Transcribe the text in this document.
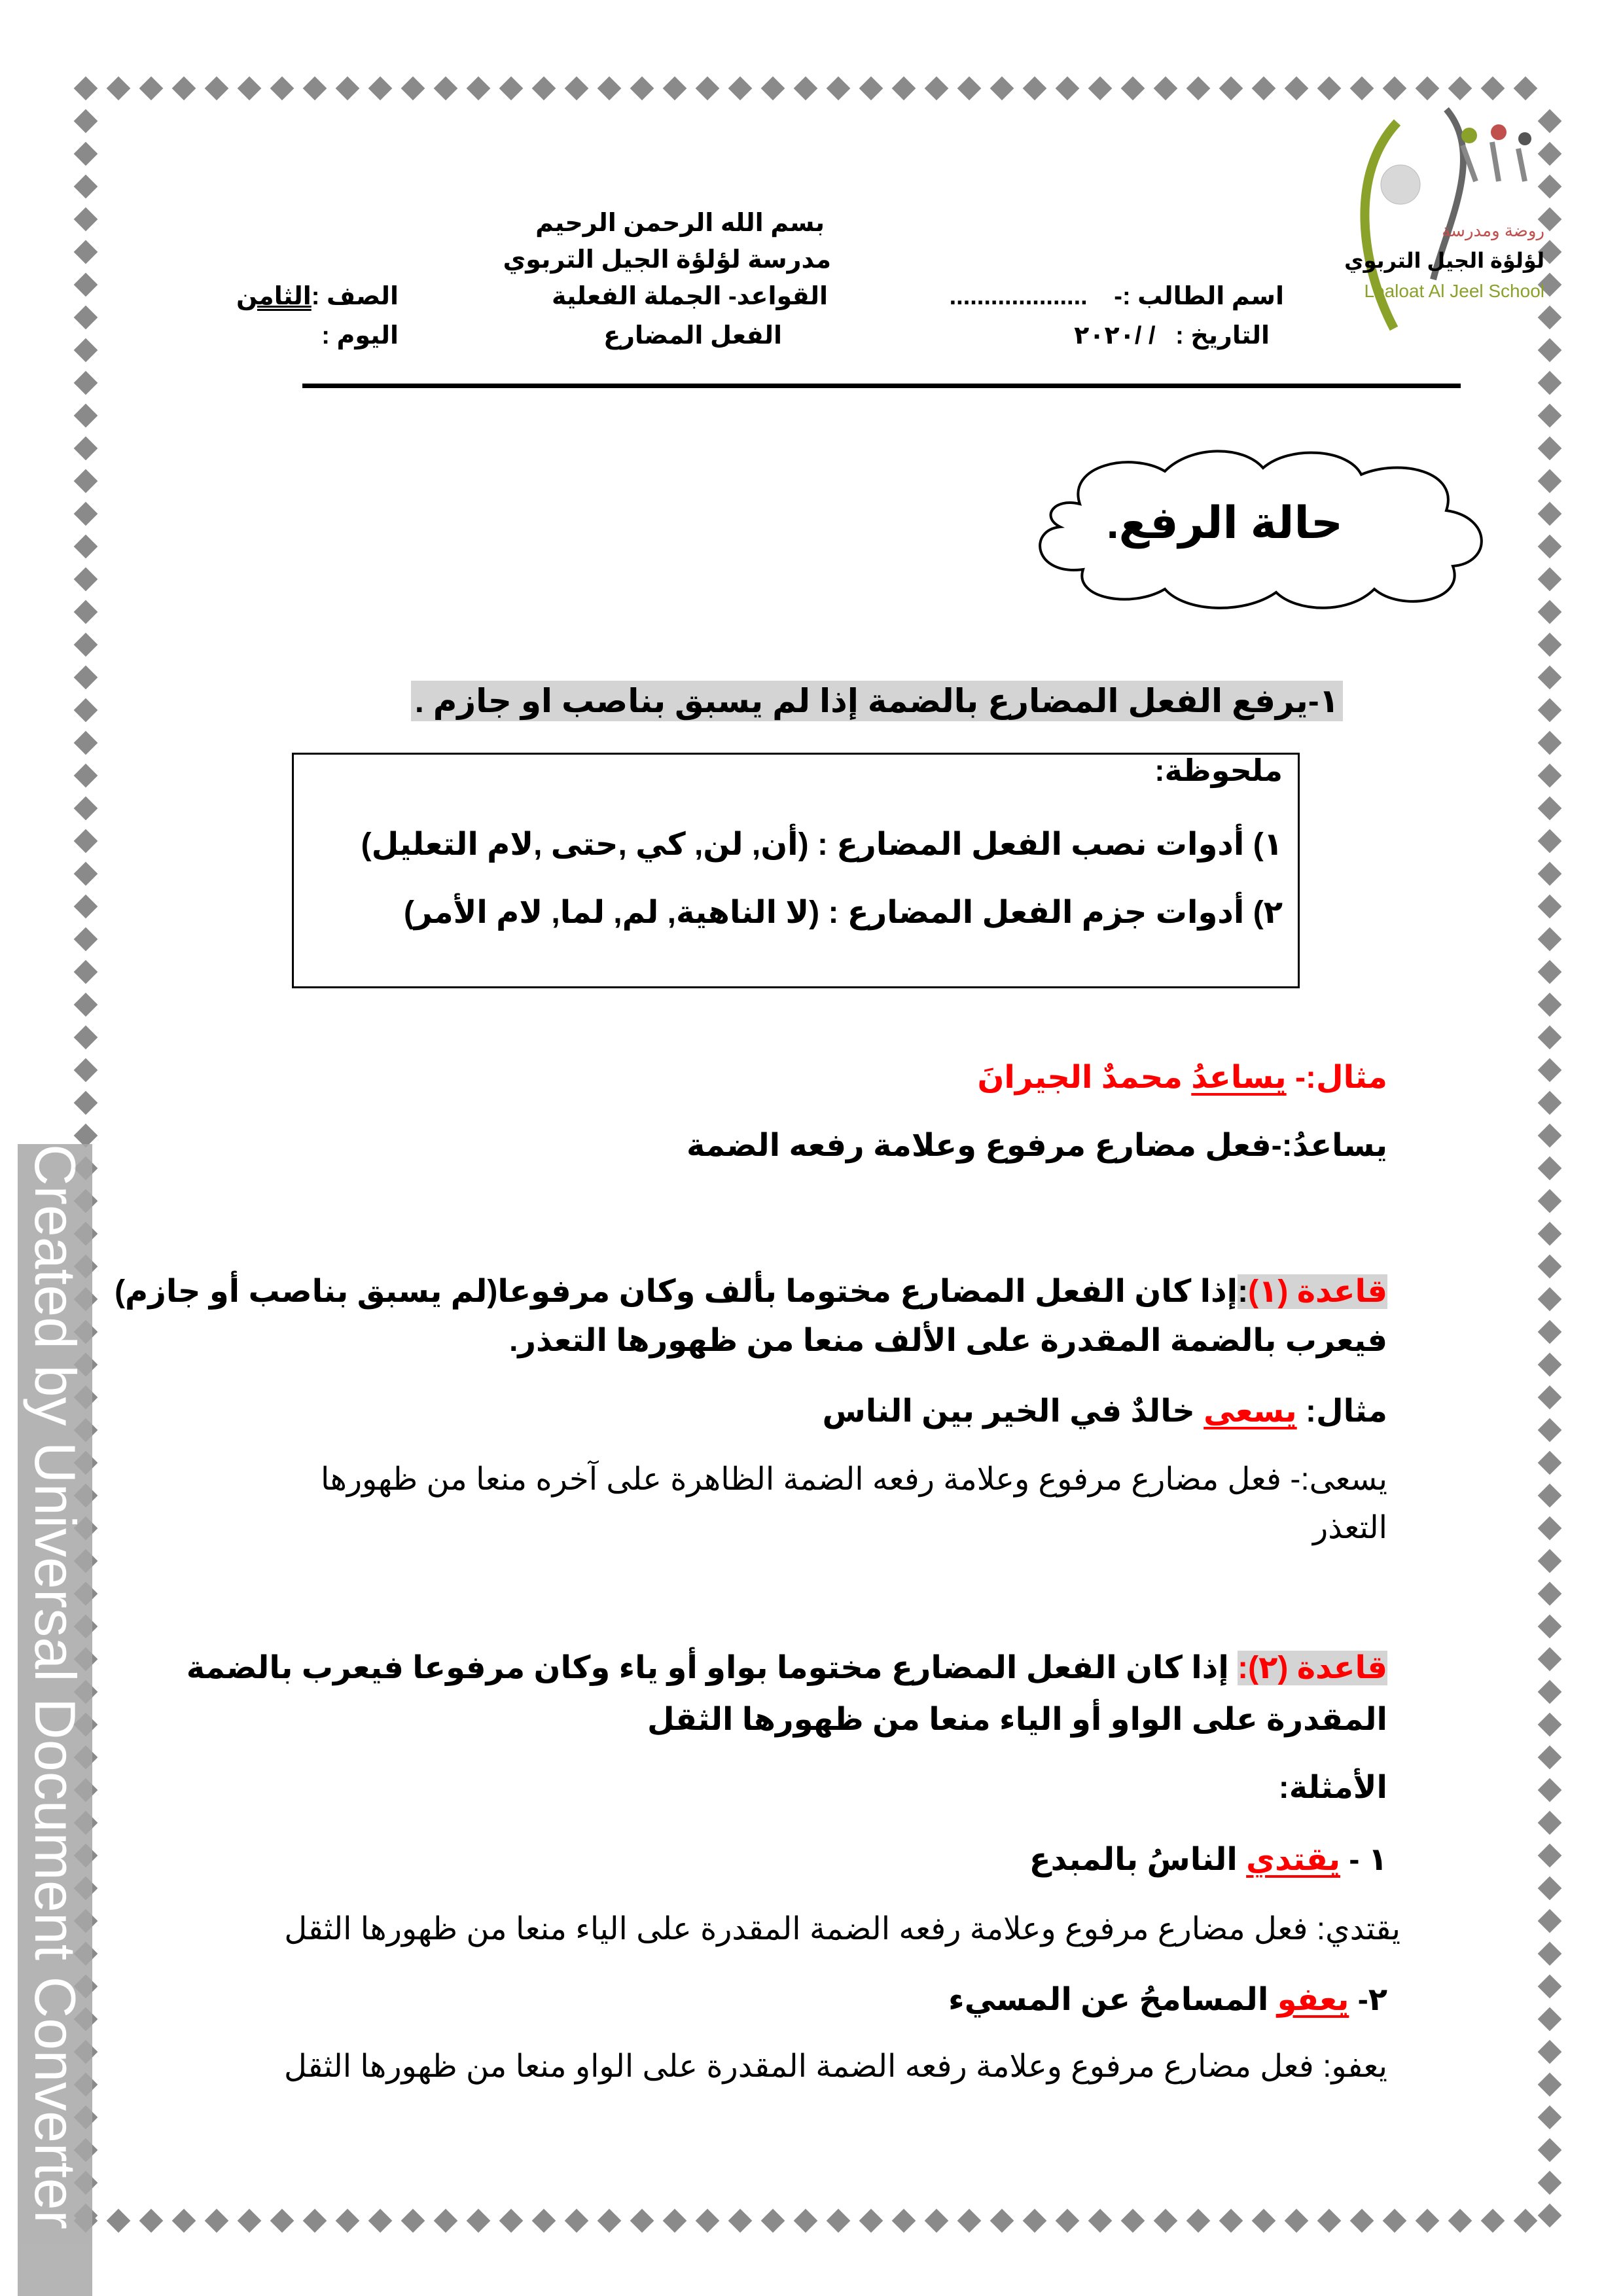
روضة ومدرسة
لؤلؤة الجيل التربوي
Loaloat Al Jeel School
بسم الله الرحمن الرحيم
مدرسة لؤلؤة الجيل التربوي
القواعد- الجملة الفعلية
الفعل المضارع
اسم الطالب :- ....................
التاريخ : / /٢٠٢٠
الصف :الثامن
اليوم :
حالة الرفع.
١-يرفع الفعل المضارع بالضمة إذا لم يسبق بناصب او جازم .
ملحوظة:
١) أدوات نصب الفعل المضارع : (أن, لن, كي ,حتى ,لام التعليل)
٢) أدوات جزم الفعل المضارع : (لا الناهية, لم, لما, لام الأمر)
مثال:- يساعدُ محمدٌ الجيرانَ
يساعدُ:-فعل مضارع مرفوع وعلامة رفعه الضمة
قاعدة (١):إذا كان الفعل المضارع مختوما بألف وكان مرفوعا(لم يسبق بناصب أو جازم)
فيعرب بالضمة المقدرة على الألف منعا من ظهورها التعذر.
مثال: يسعى خالدٌ في الخير بين الناس
يسعى:- فعل مضارع مرفوع وعلامة رفعه الضمة الظاهرة على آخره منعا من ظهورها
التعذر
قاعدة (٢): إذا كان الفعل المضارع مختوما بواو أو ياء وكان مرفوعا فيعرب بالضمة
المقدرة على الواو أو الياء منعا من ظهورها الثقل
الأمثلة:
١ - يقتدي الناسُ بالمبدع
يقتدي: فعل مضارع مرفوع وعلامة رفعه الضمة المقدرة على الياء منعا من ظهورها الثقل
٢- يعفو المسامحُ عن المسيء
يعفو: فعل مضارع مرفوع وعلامة رفعه الضمة المقدرة على الواو منعا من ظهورها الثقل
Created by Universal Document Converter
